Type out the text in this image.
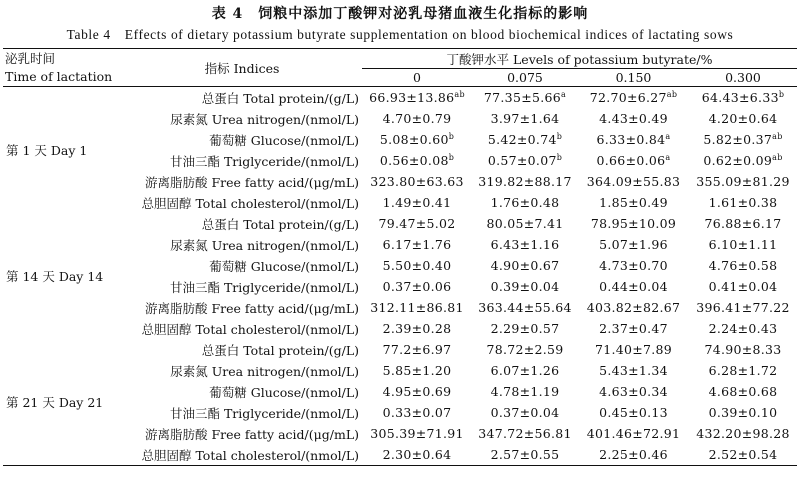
表 4　饲粮中添加丁酸钾对泌乳母猪血液生化指标的影响
Table 4　Effects of dietary potassium butyrate supplementation on blood biochemical indices of lactating sows
泌乳时间	指标 Indices	丁酸钾水平 Levels of potassium butyrate/%			
Time of lactation		0	0.075	0.150	0.300
第 1 天 Day 1	总蛋白 Total protein/(g/L)	66.93±13.86$^{ab}$	77.35±5.66$^a$	72.70±6.27$^{ab}$	64.43±6.33$^b$
	尿素氮 Urea nitrogen/(nmol/L)	4.70±0.79	3.97±1.64	4.43±0.49	4.20±0.64
	葡萄糖 Glucose/(nmol/L)	5.08±0.60$^b$	5.42±0.74$^b$	6.33±0.84$^a$	5.82±0.37$^{ab}$
	甘油三酯 Triglyceride/(nmol/L)	0.56±0.08$^b$	0.57±0.07$^b$	0.66±0.06$^a$	0.62±0.09$^{ab}$
	游离脂肪酸 Free fatty acid/(μg/mL)	323.80±63.63	319.82±88.17	364.09±55.83	355.09±81.29
	总胆固醇 Total cholesterol/(nmol/L)	1.49±0.41	1.76±0.48	1.85±0.49	1.61±0.38
第 14 天 Day 14	总蛋白 Total protein/(g/L)	79.47±5.02	80.05±7.41	78.95±10.09	76.88±6.17
	尿素氮 Urea nitrogen/(nmol/L)	6.17±1.76	6.43±1.16	5.07±1.96	6.10±1.11
	葡萄糖 Glucose/(nmol/L)	5.50±0.40	4.90±0.67	4.73±0.70	4.76±0.58
	甘油三酯 Triglyceride/(nmol/L)	0.37±0.06	0.39±0.04	0.44±0.04	0.41±0.04
	游离脂肪酸 Free fatty acid/(μg/mL)	312.11±86.81	363.44±55.64	403.82±82.67	396.41±77.22
	总胆固醇 Total cholesterol/(nmol/L)	2.39±0.28	2.29±0.57	2.37±0.47	2.24±0.43
第 21 天 Day 21	总蛋白 Total protein/(g/L)	77.2±6.97	78.72±2.59	71.40±7.89	74.90±8.33
	尿素氮 Urea nitrogen/(nmol/L)	5.85±1.20	6.07±1.26	5.43±1.34	6.28±1.72
	葡萄糖 Glucose/(nmol/L)	4.95±0.69	4.78±1.19	4.63±0.34	4.68±0.68
	甘油三酯 Triglyceride/(nmol/L)	0.33±0.07	0.37±0.04	0.45±0.13	0.39±0.10
	游离脂肪酸 Free fatty acid/(μg/mL)	305.39±71.91	347.72±56.81	401.46±72.91	432.20±98.28
	总胆固醇 Total cholesterol/(nmol/L)	2.30±0.64	2.57±0.55	2.25±0.46	2.52±0.54
